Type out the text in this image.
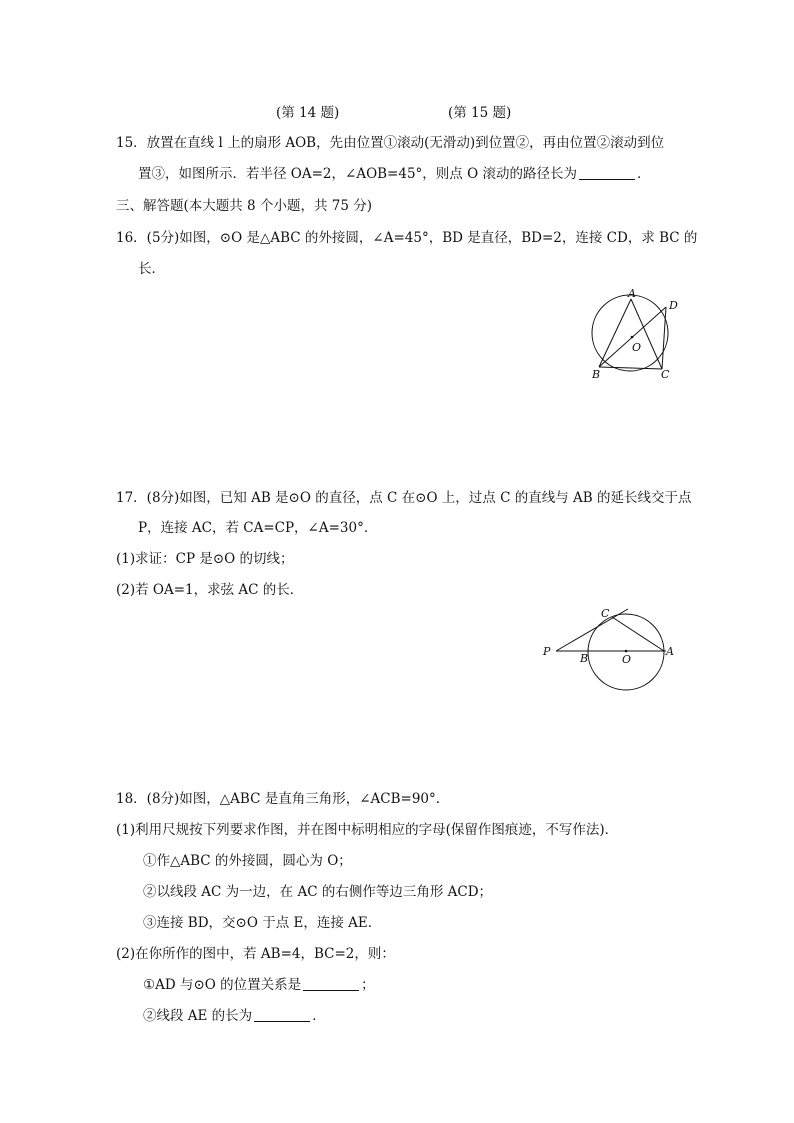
(第 14 题)	(第 15 题)
15．放置在直线 l 上的扇形 AOB，先由位置①滚动(无滑动)到位置②，再由位置②滚动到位
置③，如图所示．若半径 OA=2，∠AOB=45°，则点 O 滚动的路径长为	．
三、解答题(本大题共 8 个小题，共 75 分)
16．(5分)如图，⊙O 是△ABC 的外接圆，∠A=45°，BD 是直径，BD=2，连接 CD，求 BC 的
长．
A
D
O
B	C
17．(8分)如图，已知 AB 是⊙O 的直径，点 C 在⊙O 上，过点 C 的直线与 AB 的延长线交于点
P，连接 AC，若 CA=CP，∠A=30°．
(1)求证：CP 是⊙O 的切线；
(2)若 OA=1，求弦 AC 的长．
P
B	O
A
C
18．(8分)如图，△ABC 是直角三角形，∠ACB=90°．
(1)利用尺规按下列要求作图，并在图中标明相应的字母(保留作图痕迹，不写作法)．
①作△ABC 的外接圆，圆心为 O；
②以线段 AC 为一边，在 AC 的右侧作等边三角形 ACD；
③连接 BD，交⊙O 于点 E，连接 AE．
(2)在你所作的图中，若 AB=4，BC=2，则：
①AD 与⊙O 的位置关系是	；
②线段 AE 的长为	．
